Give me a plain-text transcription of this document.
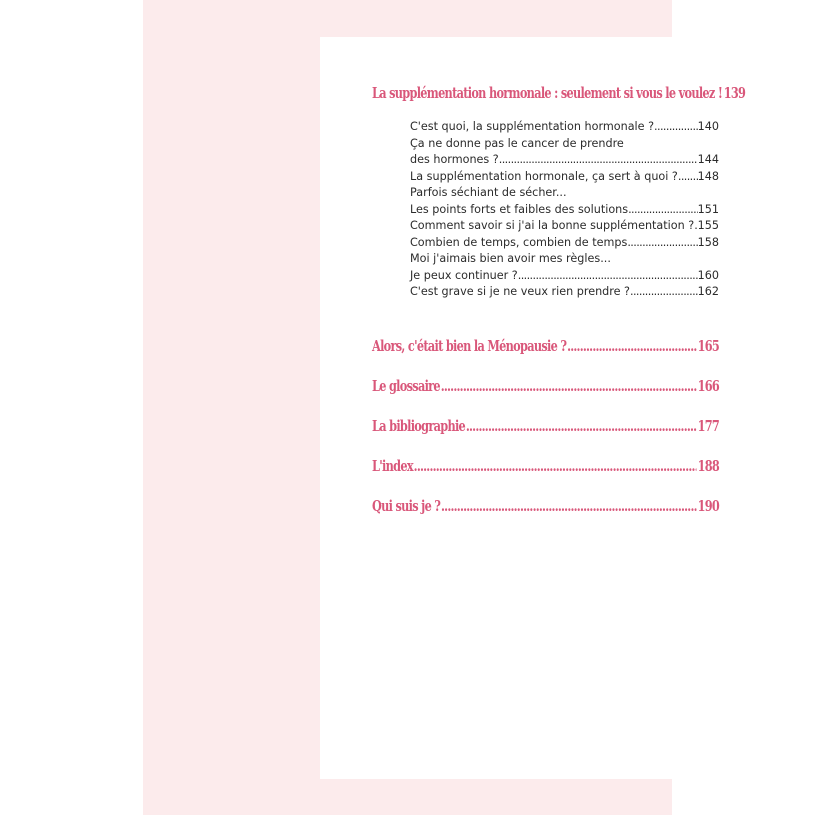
La supplémentation hormonale : seulement si vous le voulez ! 139
C'est quoi, la supplémentation hormonale ? .....	140
Ça ne donne pas le cancer de prendre
des hormones ? .....	144
La supplémentation hormonale, ça sert à quoi ? ..... 148
Parfois séchiant de sécher...
Les points forts et faibles des solutions .....	151
Comment savoir si j'ai la bonne supplémentation ? ..... 155
Combien de temps, combien de temps .....	158
Moi j'aimais bien avoir mes règles...
Je peux continuer ? .....	160
C'est grave si je ne veux rien prendre ? .....	162
Alors, c'était bien la Ménopausie ? .....	165
Le glossaire .....	166
La bibliographie .....	177
L'index .....	188
Qui suis je ? .....	190
